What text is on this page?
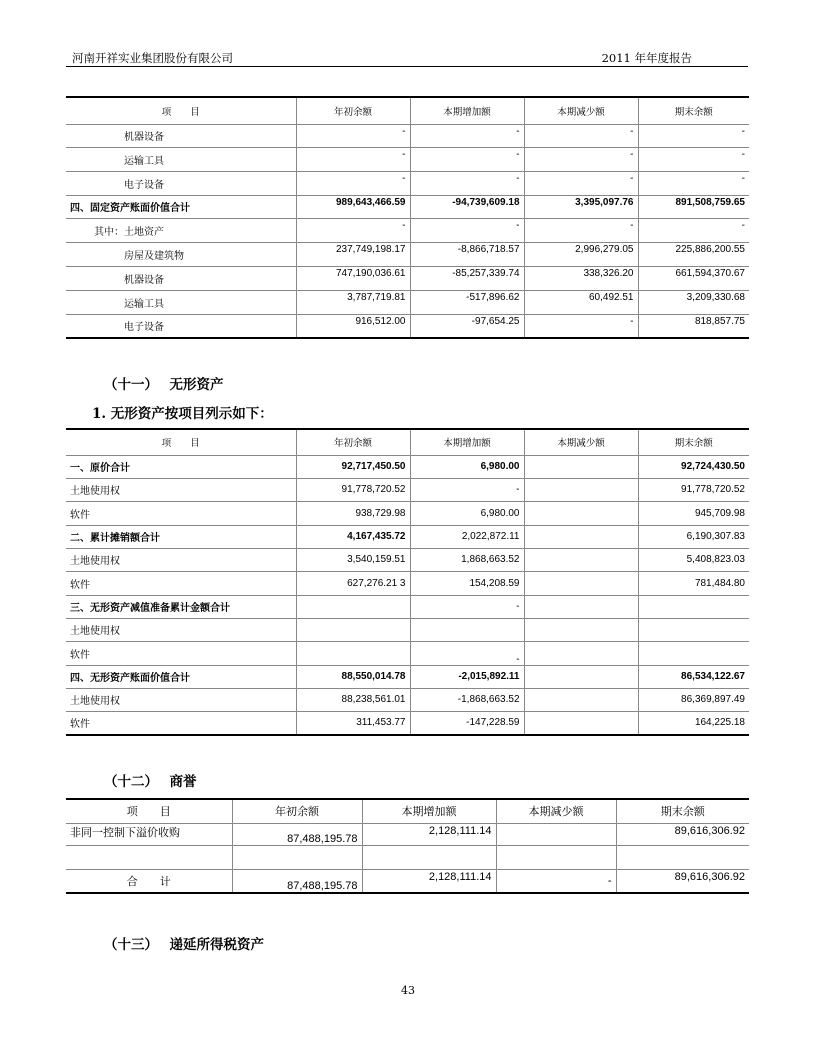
河南开祥实业集团股份有限公司	2011 年年度报告
项　　目	年初余额	本期增加额	本期减少额	期末余额
机器设备	-	-	-	-
运输工具	-	-	-	-
电子设备	-	-	-	-
四、固定资产账面价值合计	989,643,466.59	-94,739,609.18	3,395,097.76	891,508,759.65
其中：土地资产	-	-	-	-
房屋及建筑物	237,749,198.17	-8,866,718.57	2,996,279.05	225,886,200.55
机器设备	747,190,036.61	-85,257,339.74	338,326.20	661,594,370.67
运输工具	3,787,719.81	-517,896.62	60,492.51	3,209,330.68
电子设备	916,512.00	-97,654.25	-	818,857.75
（十一）　 无形资产
1. 无形资产按项目列示如下：
项　　目	年初余额	本期增加额	本期减少额	期末余额
一、原价合计	92,717,450.50	6,980.00		92,724,430.50
土地使用权	91,778,720.52	-		91,778,720.52
软件	938,729.98	6,980.00		945,709.98
二、累计摊销额合计	4,167,435.72	2,022,872.11		6,190,307.83
土地使用权	3,540,159.51	1,868,663.52		5,408,823.03
软件	627,276.21 3	154,208.59		781,484.80
三、无形资产减值准备累计金额合计		-		
土地使用权				
软件		-		
四、无形资产账面价值合计	88,550,014.78	-2,015,892.11		86,534,122.67
土地使用权	88,238,561.01	-1,868,663.52		86,369,897.49
软件	311,453.77	-147,228.59		164,225.18
（十二）　 商誉
项　　目	年初余额	本期增加额	本期减少额	期末余额
非同一控制下溢价收购	87,488,195.78	2,128,111.14		89,616,306.92

合　　计	87,488,195.78	2,128,111.14	-	89,616,306.92
（十三）　 递延所得税资产
43
